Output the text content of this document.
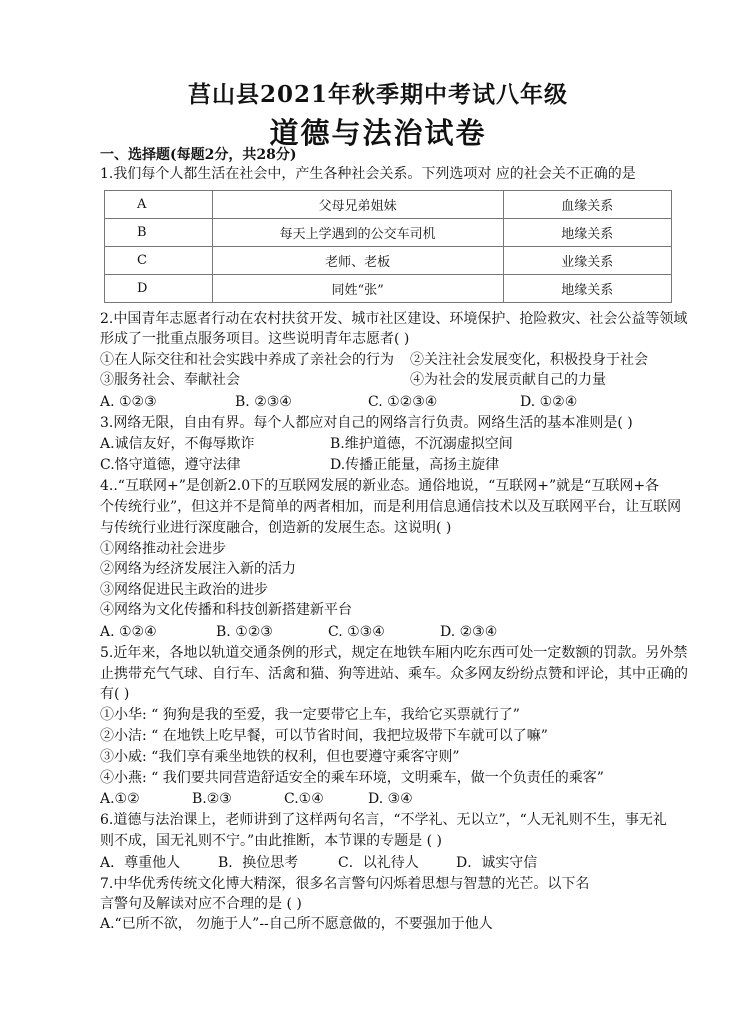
莒山县2021年秋季期中考试八年级
道德与法治试卷
一、选择题(每题2分，共28分)
1.我们每个人都生活在社会中，产生各种社会关系。下列选项对 应的社会关不正确的是
A	父母兄弟姐妹	血缘关系
B	每天上学遇到的公交车司机	地缘关系
C	老师、老板	业缘关系
D	同姓“张”	地缘关系
2.中国青年志愿者行动在农村扶贫开发、城市社区建设、环境保护、抢险救灾、社会公益等领域
形成了一批重点服务项目。这些说明青年志愿者( )
①在人际交往和社会实践中养成了亲社会的行为 ②关注社会发展变化，积极投身于社会
③服务社会、奉献社会	④为社会的发展贡献自己的力量
A. ①②③	B. ②③④	C. ①②③④	D. ①②④
3.网络无限，自由有界。每个人都应对自己的网络言行负责。网络生活的基本准则是( )
A.诚信友好，不侮辱欺诈	B.维护道德，不沉溺虚拟空间
C.恪守道德，遵守法律	D.传播正能量，高扬主旋律
4..“互联网+”是创新2.0下的互联网发展的新业态。通俗地说，“互联网+”就是“互联网+各
个传统行业”，但这并不是简单的两者相加，而是利用信息通信技术以及互联网平台，让互联网
与传统行业进行深度融合，创造新的发展生态。这说明( )
①网络推动社会进步
②网络为经济发展注入新的活力
③网络促进民主政治的进步
④网络为文化传播和科技创新搭建新平台
A. ①②④	B. ①②③	C. ①③④	D. ②③④
5.近年来，各地以轨道交通条例的形式，规定在地铁车厢内吃东西可处一定数额的罚款。另外禁
止携带充气气球、自行车、活禽和猫、狗等进站、乘车。众多网友纷纷点赞和评论，其中正确的
有( )
①小华: “ 狗狗是我的至爱，我一定要带它上车，我给它买票就行了”
②小洁: “ 在地铁上吃早餐，可以节省时间，我把垃圾带下车就可以了嘛”
③小威: “我们享有乘坐地铁的权利，但也要遵守乘客守则”
④小燕: “ 我们要共同营造舒适安全的乘车环境，文明乘车，做一个负责任的乘客”
A.①②	B.②③	C.①④	D. ③④
6.道德与法治课上，老师讲到了这样两句名言，“不学礼、无以立”，“人无礼则不生，事无礼
则不成，国无礼则不宁。”由此推断，本节课的专题是 ( )
A．尊重他人	B．换位思考	C．以礼待人	D．诚实守信
7.中华优秀传统文化博大精深，很多名言警句闪烁着思想与智慧的光芒。以下名
言警句及解读对应不合理的是 ( )
A.“已所不欲， 勿施于人”--自己所不愿意做的，不要强加于他人
